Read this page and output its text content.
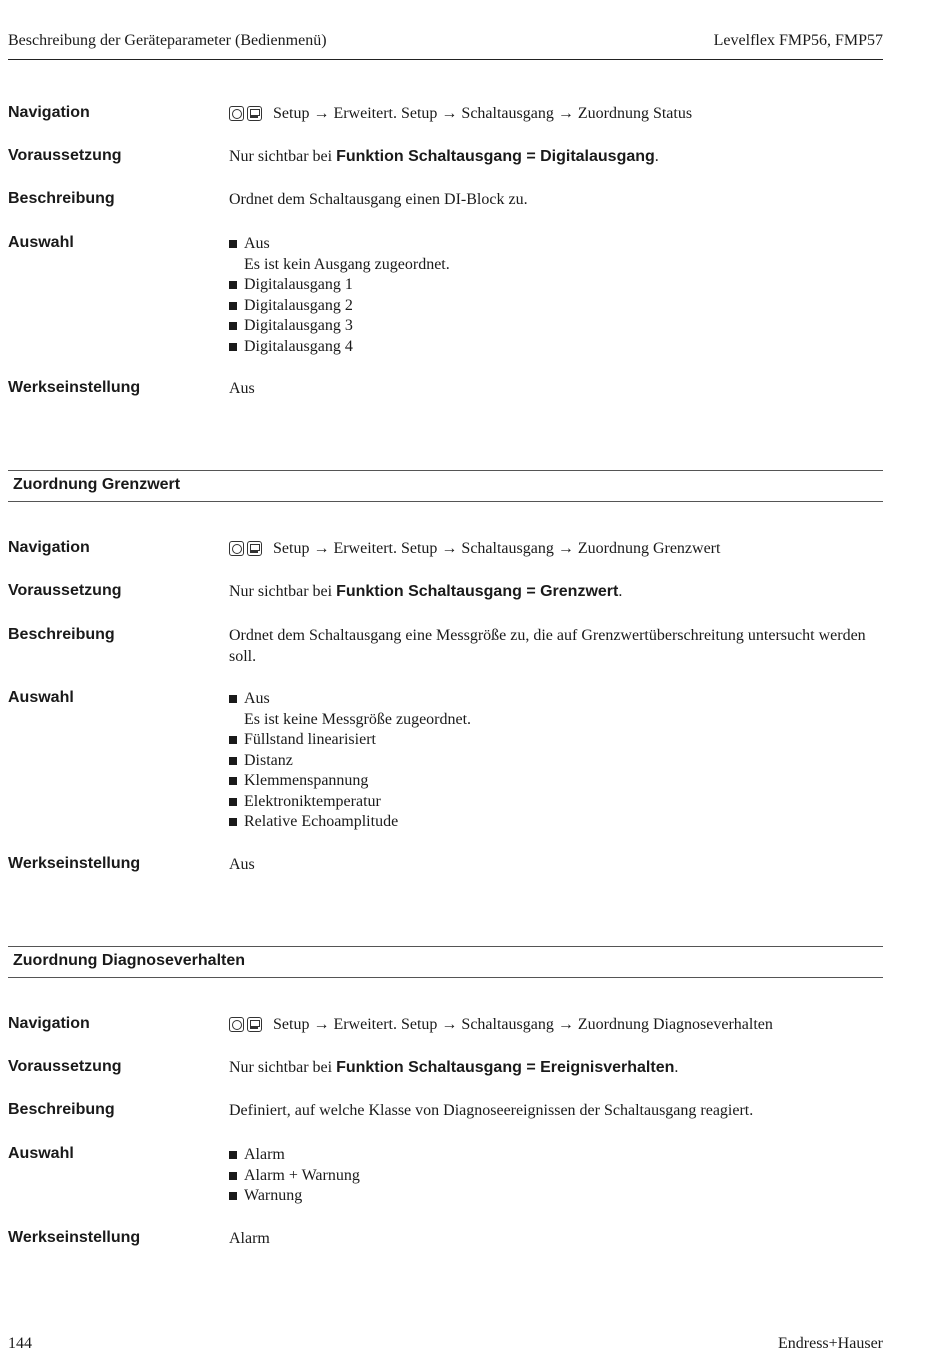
Beschreibung der Geräteparameter (Bedienmenü)	Levelflex FMP56, FMP57
Navigation	Setup → Erweitert. Setup → Schaltausgang → Zuordnung Status
Voraussetzung	Nur sichtbar bei Funktion Schaltausgang = Digitalausgang.
Beschreibung	Ordnet dem Schaltausgang einen DI-Block zu.
Auswahl	Aus
Es ist kein Ausgang zugeordnet.
Digitalausgang 1
Digitalausgang 2
Digitalausgang 3
Digitalausgang 4
Werkseinstellung	Aus
Zuordnung Grenzwert
Navigation	Setup → Erweitert. Setup → Schaltausgang → Zuordnung Grenzwert
Voraussetzung	Nur sichtbar bei Funktion Schaltausgang = Grenzwert.
Beschreibung	Ordnet dem Schaltausgang eine Messgröße zu, die auf Grenzwertüberschreitung untersucht werden soll.
Auswahl	Aus
Es ist keine Messgröße zugeordnet.
Füllstand linearisiert
Distanz
Klemmenspannung
Elektroniktemperatur
Relative Echoamplitude
Werkseinstellung	Aus
Zuordnung Diagnoseverhalten
Navigation	Setup → Erweitert. Setup → Schaltausgang → Zuordnung Diagnoseverhalten
Voraussetzung	Nur sichtbar bei Funktion Schaltausgang = Ereignisverhalten.
Beschreibung	Definiert, auf welche Klasse von Diagnoseereignissen der Schaltausgang reagiert.
Auswahl	Alarm
Alarm + Warnung
Warnung
Werkseinstellung	Alarm
144	Endress+Hauser
